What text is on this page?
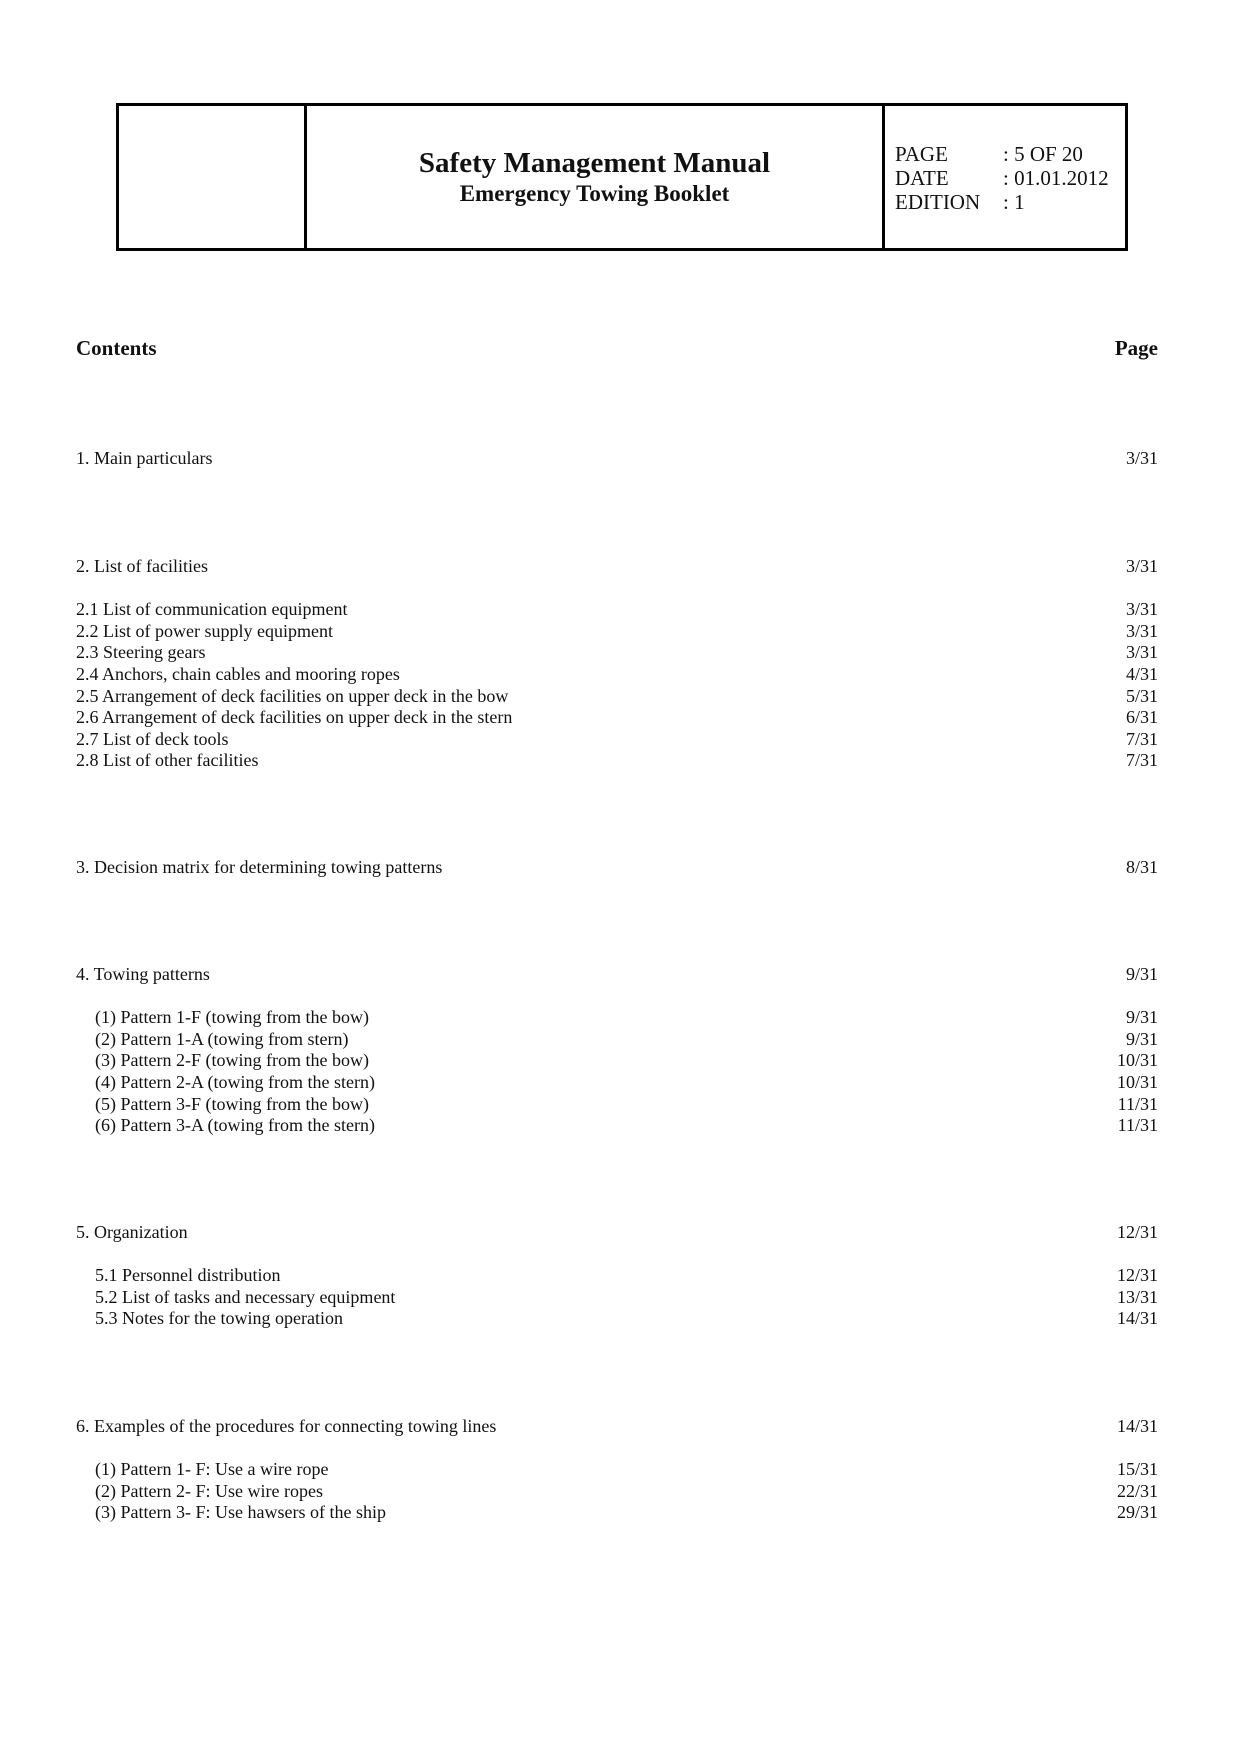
Safety Management Manual
Emergency Towing Booklet
PAGE	: 5 OF 20
DATE	: 01.01.2012
EDITION	: 1
Contents	Page
1. Main particulars	3/31
2. List of facilities	3/31
2.1 List of communication equipment	3/31
2.2 List of power supply equipment	3/31
2.3 Steering gears	3/31
2.4 Anchors, chain cables and mooring ropes	4/31
2.5 Arrangement of deck facilities on upper deck in the bow	5/31
2.6 Arrangement of deck facilities on upper deck in the stern	6/31
2.7 List of deck tools	7/31
2.8 List of other facilities	7/31
3. Decision matrix for determining towing patterns	8/31
4. Towing patterns	9/31
(1) Pattern 1-F (towing from the bow)	9/31
(2) Pattern 1-A (towing from stern)	9/31
(3) Pattern 2-F (towing from the bow)	10/31
(4) Pattern 2-A (towing from the stern)	10/31
(5) Pattern 3-F (towing from the bow)	11/31
(6) Pattern 3-A (towing from the stern)	11/31
5. Organization	12/31
5.1 Personnel distribution	12/31
5.2 List of tasks and necessary equipment	13/31
5.3 Notes for the towing operation	14/31
6. Examples of the procedures for connecting towing lines	14/31
(1) Pattern 1- F: Use a wire rope	15/31
(2) Pattern 2- F: Use wire ropes	22/31
(3) Pattern 3- F: Use hawsers of the ship	29/31
